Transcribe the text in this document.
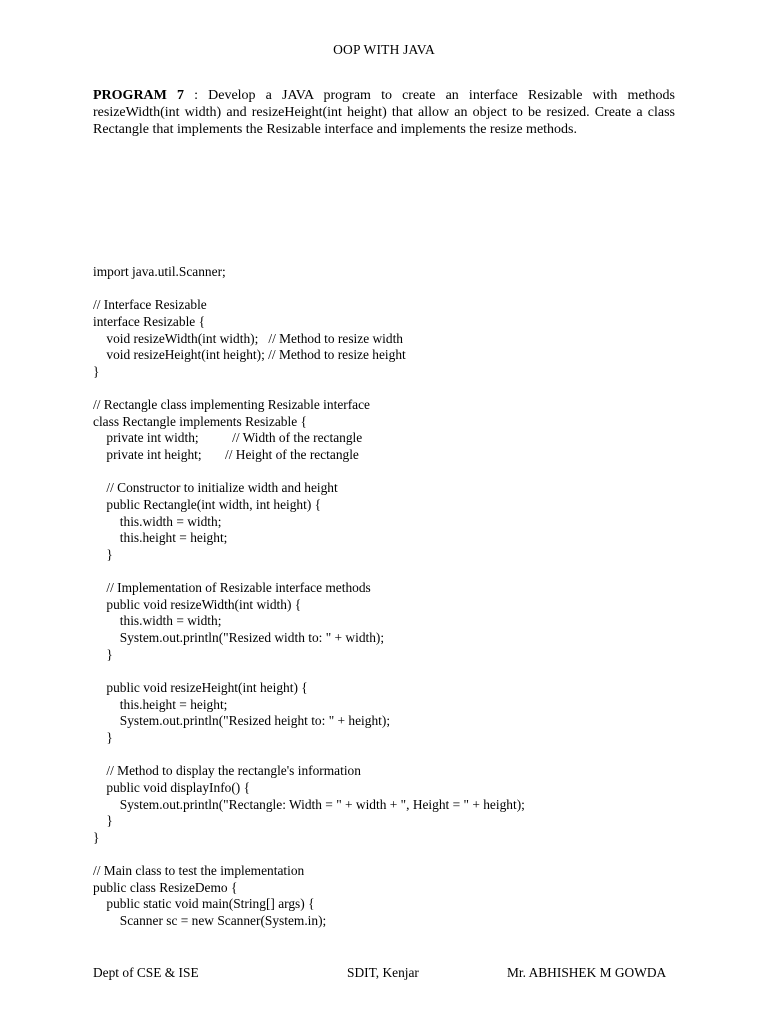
OOP WITH JAVA
PROGRAM 7 : Develop a JAVA program to create an interface Resizable with methods resizeWidth(int width) and resizeHeight(int height) that allow an object to be resized. Create a class Rectangle that implements the Resizable interface and implements the resize methods.
import java.util.Scanner;
// Interface Resizable
interface Resizable {
void resizeWidth(int width);   // Method to resize width
void resizeHeight(int height); // Method to resize height
}
// Rectangle class implementing Resizable interface
class Rectangle implements Resizable {
private int width;          // Width of the rectangle
private int height;       // Height of the rectangle
// Constructor to initialize width and height
public Rectangle(int width, int height) {
this.width = width;
this.height = height;
}
// Implementation of Resizable interface methods
public void resizeWidth(int width) {
this.width = width;
System.out.println("Resized width to: " + width);
}
public void resizeHeight(int height) {
this.height = height;
System.out.println("Resized height to: " + height);
}
// Method to display the rectangle's information
public void displayInfo() {
System.out.println("Rectangle: Width = " + width + ", Height = " + height);
}
}
// Main class to test the implementation
public class ResizeDemo {
public static void main(String[] args) {
Scanner sc = new Scanner(System.in);
Dept of CSE & ISE	SDIT, Kenjar	Mr. ABHISHEK M GOWDA
